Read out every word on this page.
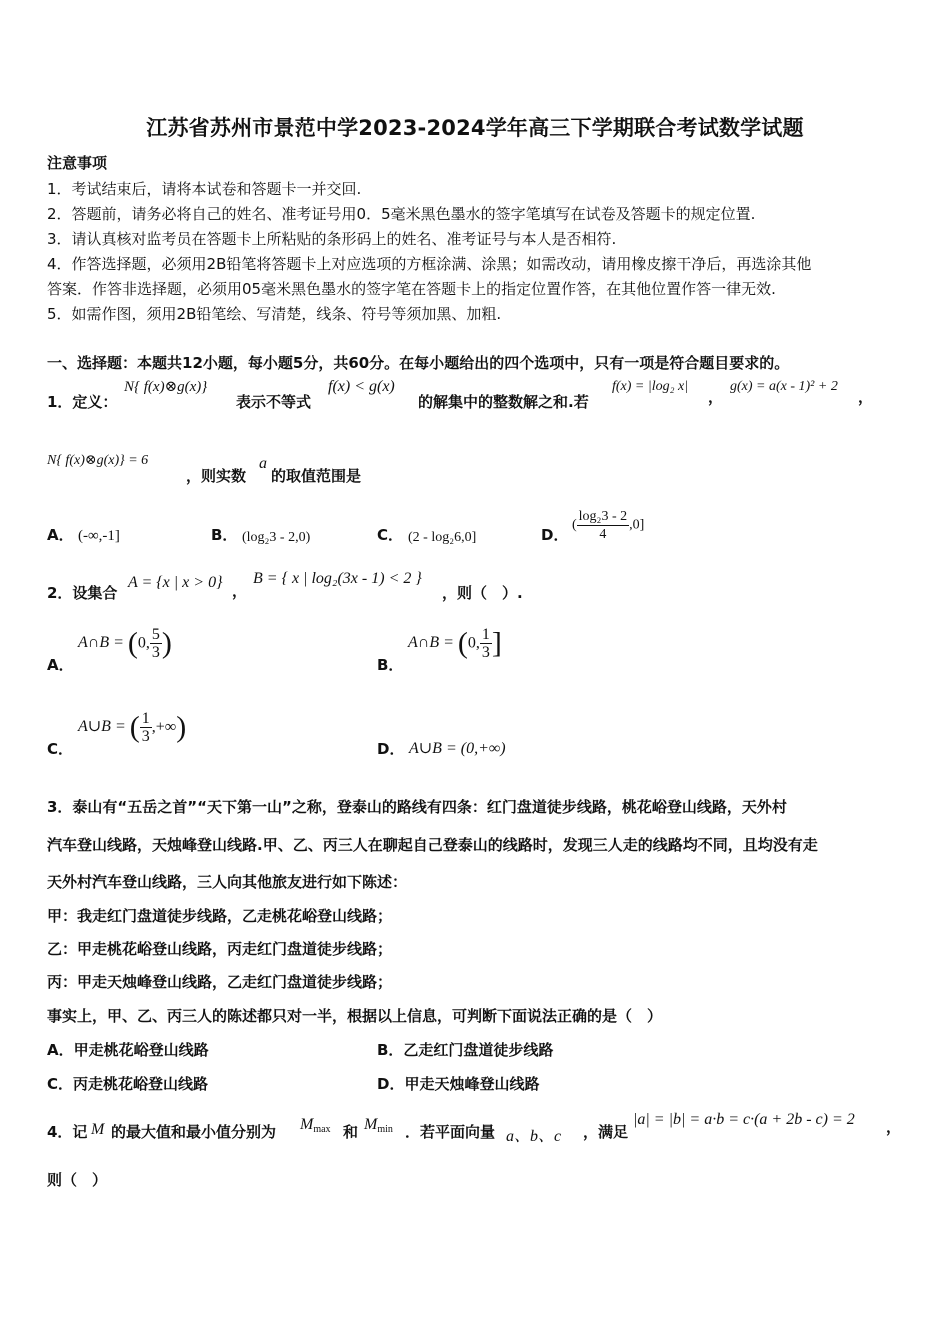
江苏省苏州市景范中学2023-2024学年高三下学期联合考试数学试题
注意事项
1．考试结束后，请将本试卷和答题卡一并交回.
2．答题前，请务必将自己的姓名、准考证号用0．5毫米黑色墨水的签字笔填写在试卷及答题卡的规定位置.
3．请认真核对监考员在答题卡上所粘贴的条形码上的姓名、准考证号与本人是否相符.
4．作答选择题，必须用2B铅笔将答题卡上对应选项的方框涂满、涂黑；如需改动，请用橡皮擦干净后，再选涂其他
答案．作答非选择题，必须用05毫米黑色墨水的签字笔在答题卡上的指定位置作答，在其他位置作答一律无效.
5．如需作图，须用2B铅笔绘、写清楚，线条、符号等须加黑、加粗.
一、选择题：本题共12小题，每小题5分，共60分。在每小题给出的四个选项中，只有一项是符合题目要求的。
1．定义：
N{ f(x)⊗g(x)}
表示不等式
f(x) < g(x)
的解集中的整数解之和.若
f(x) = |log₂ x|
，
g(x) = a(x - 1)² + 2
，
N{ f(x)⊗g(x)} = 6
，则实数
a
的取值范围是
A． (-∞,-1]	B． (log₂3 - 2,0)	C． (2 - log₂6,0]	D．
( $\frac{\text{log₂3 - 2}}{4} ,0$]
2．设集合
A = {x | x > 0} ，
B = { x | log₂(3x - 1) < 2 }
，则（　）.
A．
A∩B = (0, $\frac{5}{3}$ )
B．
A∩B = (0, $\frac{1}{3}$ ]
C．
A∪B = ( $\frac{1}{3}$ ,+∞)
D． A∪B = (0,+∞)
3．泰山有“五岳之首”“天下第一山”之称，登泰山的路线有四条：红门盘道徒步线路，桃花峪登山线路，天外村
汽车登山线路，天烛峰登山线路.甲、乙、丙三人在聊起自己登泰山的线路时，发现三人走的线路均不同，且均没有走
天外村汽车登山线路，三人向其他旅友进行如下陈述：
甲：我走红门盘道徒步线路，乙走桃花峪登山线路；
乙：甲走桃花峪登山线路，丙走红门盘道徒步线路；
丙：甲走天烛峰登山线路，乙走红门盘道徒步线路；
事实上，甲、乙、丙三人的陈述都只对一半，根据以上信息，可判断下面说法正确的是（　）
A．甲走桃花峪登山线路	B．乙走红门盘道徒步线路
C．丙走桃花峪登山线路	D．甲走天烛峰登山线路
4．记 M 的最大值和最小值分别为 $M_{max}$ 和 $M_{min}$ ．若平面向量 a、b、c ，满足
|a| = |b| = a·b = c·(a + 2b - c) = 2 ，
则（　）
